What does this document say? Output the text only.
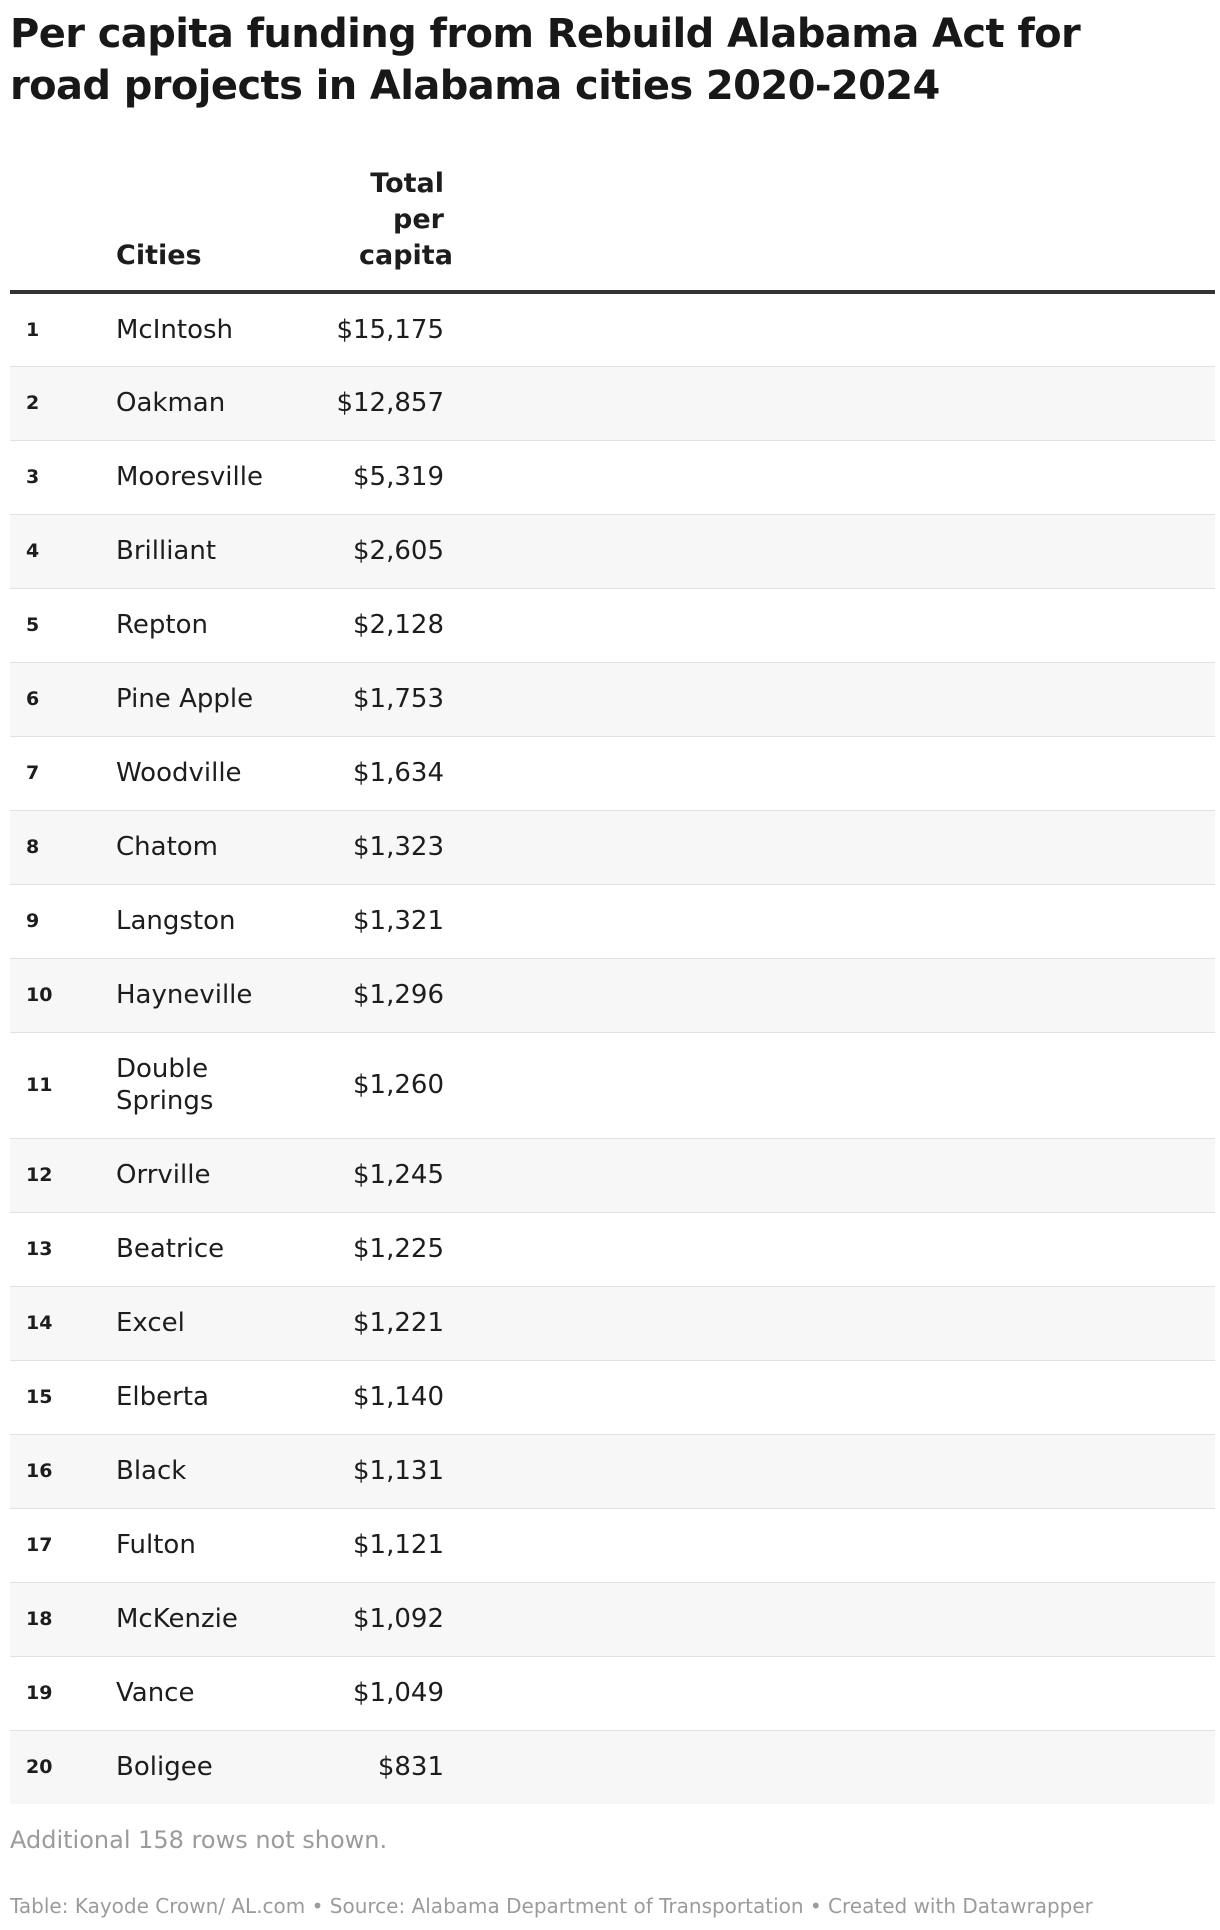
Per capita funding from Rebuild Alabama Act for road projects in Alabama cities 2020-2024
	Cities	Total per capita	
1	McIntosh	$15,175	
2	Oakman	$12,857	
3	Mooresville	$5,319	
4	Brilliant	$2,605	
5	Repton	$2,128	
6	Pine Apple	$1,753	
7	Woodville	$1,634	
8	Chatom	$1,323	
9	Langston	$1,321	
10	Hayneville	$1,296	
11	Double Springs	$1,260	
12	Orrville	$1,245	
13	Beatrice	$1,225	
14	Excel	$1,221	
15	Elberta	$1,140	
16	Black	$1,131	
17	Fulton	$1,121	
18	McKenzie	$1,092	
19	Vance	$1,049	
20	Boligee	$831	
Additional 158 rows not shown.
Table: Kayode Crown/ AL.com • Source: Alabama Department of Transportation • Created with Datawrapper
